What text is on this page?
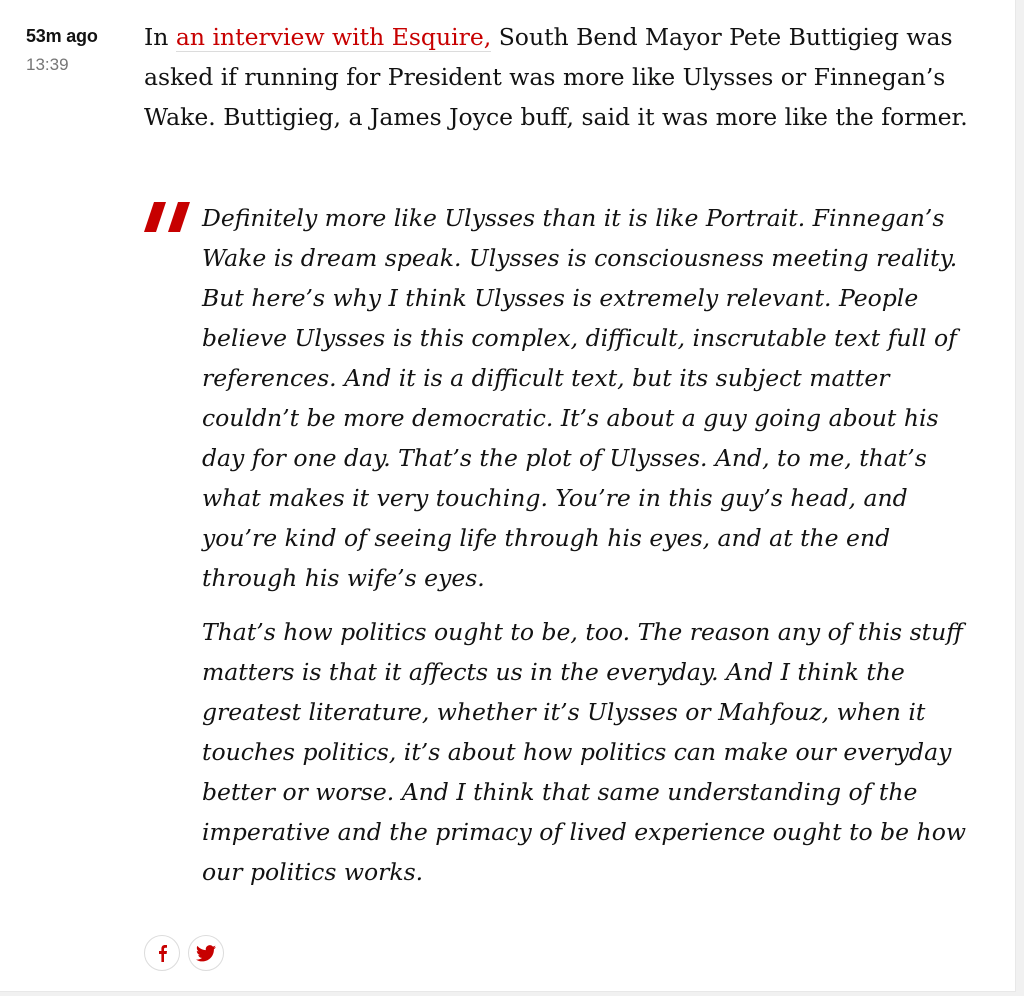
53m ago
13:39

In an interview with Esquire, South Bend Mayor Pete Buttigieg was asked if running for President was more like Ulysses or Finnegan’s Wake. Buttigieg, a James Joyce buff, said it was more like the former.

Definitely more like Ulysses than it is like Portrait. Finnegan’s Wake is dream speak. Ulysses is consciousness meeting reality. But here’s why I think Ulysses is extremely relevant. People believe Ulysses is this complex, difficult, inscrutable text full of references. And it is a difficult text, but its subject matter couldn’t be more democratic. It’s about a guy going about his day for one day. That’s the plot of Ulysses. And, to me, that’s what makes it very touching. You’re in this guy’s head, and you’re kind of seeing life through his eyes, and at the end through his wife’s eyes.

That’s how politics ought to be, too. The reason any of this stuff matters is that it affects us in the everyday. And I think the greatest literature, whether it’s Ulysses or Mahfouz, when it touches politics, it’s about how politics can make our everyday better or worse. And I think that same understanding of the imperative and the primacy of lived experience ought to be how our politics works.
